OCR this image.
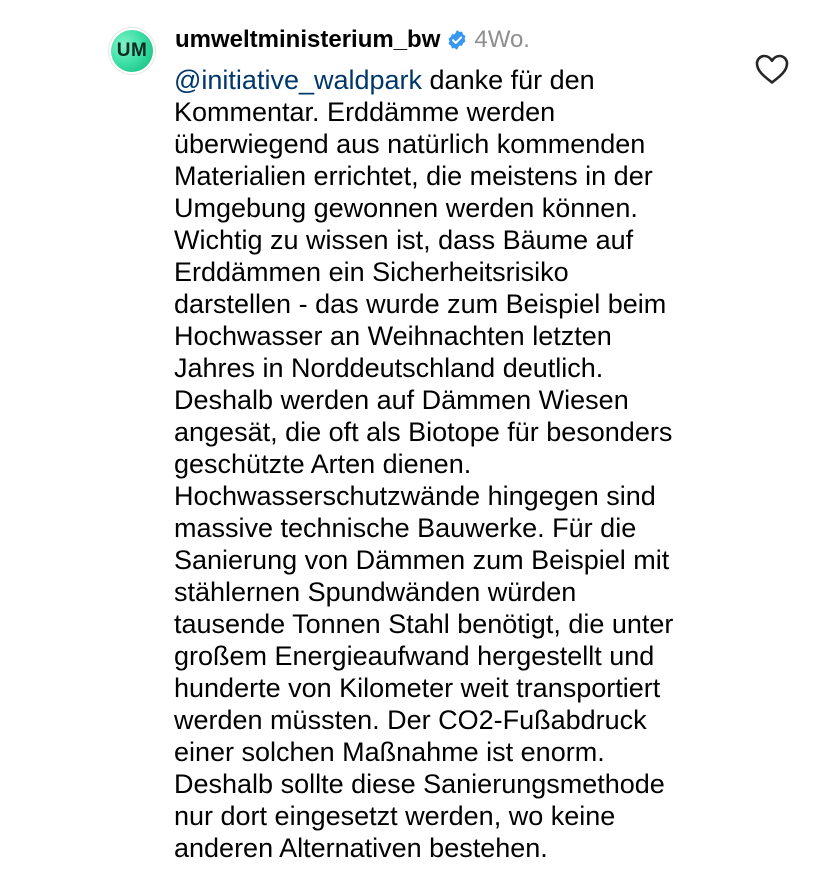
UM	umweltministerium_bw 4Wo.

@initiative_waldpark danke für den
Kommentar. Erddämme werden
überwiegend aus natürlich kommenden
Materialien errichtet, die meistens in der
Umgebung gewonnen werden können.
Wichtig zu wissen ist, dass Bäume auf
Erddämmen ein Sicherheitsrisiko
darstellen - das wurde zum Beispiel beim
Hochwasser an Weihnachten letzten
Jahres in Norddeutschland deutlich.
Deshalb werden auf Dämmen Wiesen
angesät, die oft als Biotope für besonders
geschützte Arten dienen.
Hochwasserschutzwände hingegen sind
massive technische Bauwerke. Für die
Sanierung von Dämmen zum Beispiel mit
stählernen Spundwänden würden
tausende Tonnen Stahl benötigt, die unter
großem Energieaufwand hergestellt und
hunderte von Kilometer weit transportiert
werden müssten. Der CO2-Fußabdruck
einer solchen Maßnahme ist enorm.
Deshalb sollte diese Sanierungsmethode
nur dort eingesetzt werden, wo keine
anderen Alternativen bestehen.
